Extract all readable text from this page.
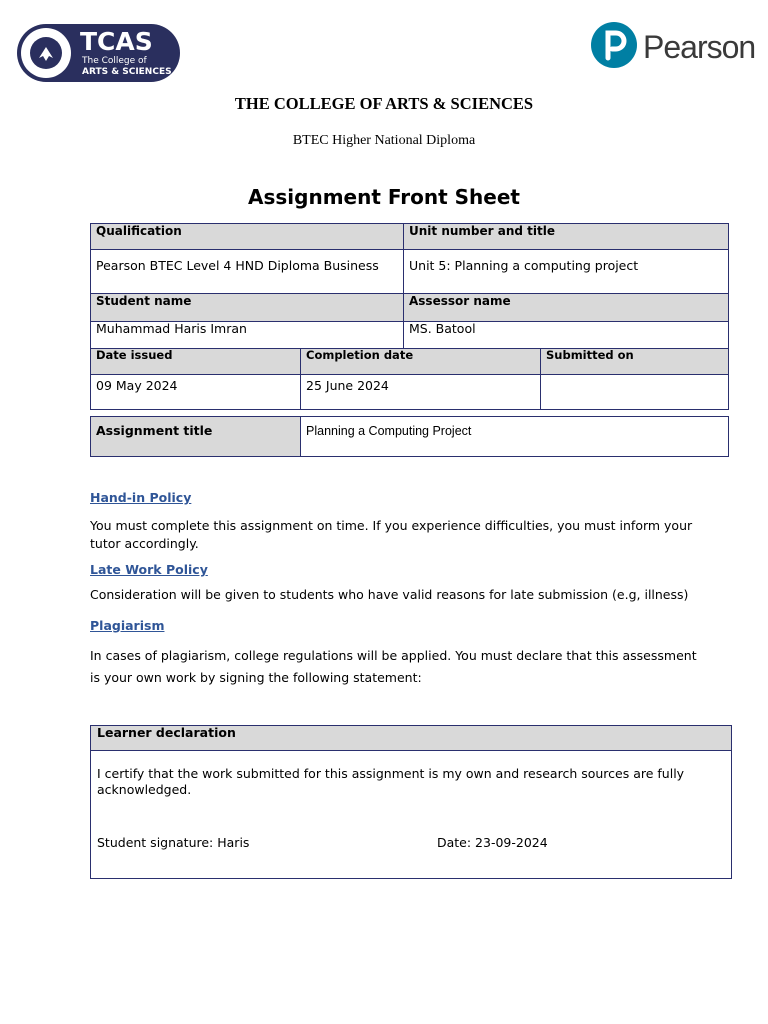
TCAS
The College of
ARTS & SCIENCES
Pearson
THE COLLEGE OF ARTS & SCIENCES
BTEC Higher National Diploma
Assignment Front Sheet
Qualification	Unit number and title
Pearson BTEC Level 4 HND Diploma Business	Unit 5: Planning a computing project
Student name	Assessor name
Muhammad Haris Imran	MS. Batool
Date issued	Completion date	Submitted on
09 May 2024	25 June 2024
Assignment title	Planning a Computing Project
Hand-in Policy
You must complete this assignment on time. If you experience difficulties, you must inform your tutor accordingly.
Late Work Policy
Consideration will be given to students who have valid reasons for late submission (e.g, illness)
Plagiarism
In cases of plagiarism, college regulations will be applied. You must declare that this assessment is your own work by signing the following statement:
Learner declaration
I certify that the work submitted for this assignment is my own and research sources are fully acknowledged.
Student signature: Haris	Date: 23-09-2024
